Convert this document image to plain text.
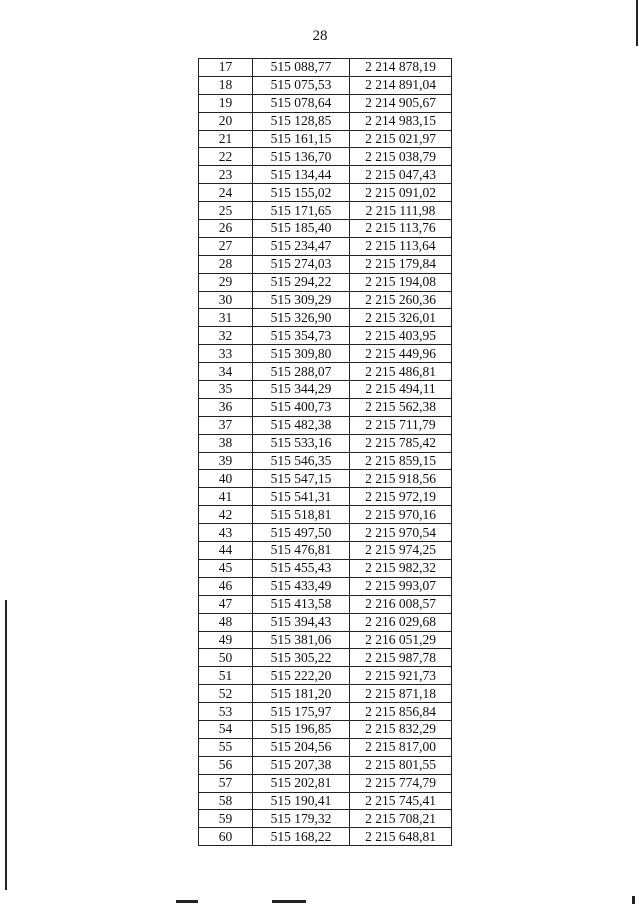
28
17	515 088,77	2 214 878,19
18	515 075,53	2 214 891,04
19	515 078,64	2 214 905,67
20	515 128,85	2 214 983,15
21	515 161,15	2 215 021,97
22	515 136,70	2 215 038,79
23	515 134,44	2 215 047,43
24	515 155,02	2 215 091,02
25	515 171,65	2 215 111,98
26	515 185,40	2 215 113,76
27	515 234,47	2 215 113,64
28	515 274,03	2 215 179,84
29	515 294,22	2 215 194,08
30	515 309,29	2 215 260,36
31	515 326,90	2 215 326,01
32	515 354,73	2 215 403,95
33	515 309,80	2 215 449,96
34	515 288,07	2 215 486,81
35	515 344,29	2 215 494,11
36	515 400,73	2 215 562,38
37	515 482,38	2 215 711,79
38	515 533,16	2 215 785,42
39	515 546,35	2 215 859,15
40	515 547,15	2 215 918,56
41	515 541,31	2 215 972,19
42	515 518,81	2 215 970,16
43	515 497,50	2 215 970,54
44	515 476,81	2 215 974,25
45	515 455,43	2 215 982,32
46	515 433,49	2 215 993,07
47	515 413,58	2 216 008,57
48	515 394,43	2 216 029,68
49	515 381,06	2 216 051,29
50	515 305,22	2 215 987,78
51	515 222,20	2 215 921,73
52	515 181,20	2 215 871,18
53	515 175,97	2 215 856,84
54	515 196,85	2 215 832,29
55	515 204,56	2 215 817,00
56	515 207,38	2 215 801,55
57	515 202,81	2 215 774,79
58	515 190,41	2 215 745,41
59	515 179,32	2 215 708,21
60	515 168,22	2 215 648,81
